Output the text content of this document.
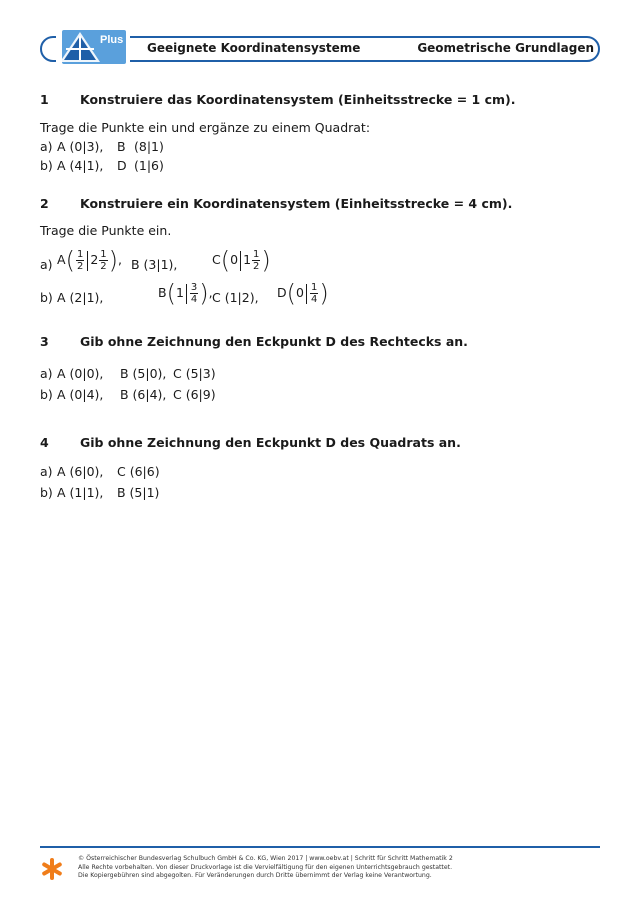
Plus
Geeignete Koordinatensysteme	Geometrische Grundlagen
1	Konstruiere das Koordinatensystem (Einheitsstrecke = 1 cm).
Trage die Punkte ein und ergänze zu einem Quadrat:
a) A (0|3), B (8|1)
b) A (4|1), D (1|6)
2	Konstruiere ein Koordinatensystem (Einheitsstrecke = 4 cm).
Trage die Punkte ein.
a) $A( \frac{1}{2} 2 \frac{1}{2}$ ), B (3|1),	C(0 $1 \frac{1}{2}$ )
b) A (2|1),	$B(1 \frac{3}{4}$ ), C (1|2), $D(0 \frac{1}{4}$ )
3	Gib ohne Zeichnung den Eckpunkt D des Rechtecks an.
a) A (0|0), B (5|0), C (5|3)
b) A (0|4), B (6|4), C (6|9)
4	Gib ohne Zeichnung den Eckpunkt D des Quadrats an.
a) A (6|0), C (6|6)
b) A (1|1), B (5|1)
© Österreichischer Bundesverlag Schulbuch GmbH & Co. KG, Wien 2017 | www.oebv.at | Schritt für Schritt Mathematik 2
Alle Rechte vorbehalten. Von dieser Druckvorlage ist die Vervielfältigung für den eigenen Unterrichtsgebrauch gestattet.
Die Kopiergebühren sind abgegolten. Für Veränderungen durch Dritte übernimmt der Verlag keine Verantwortung.
